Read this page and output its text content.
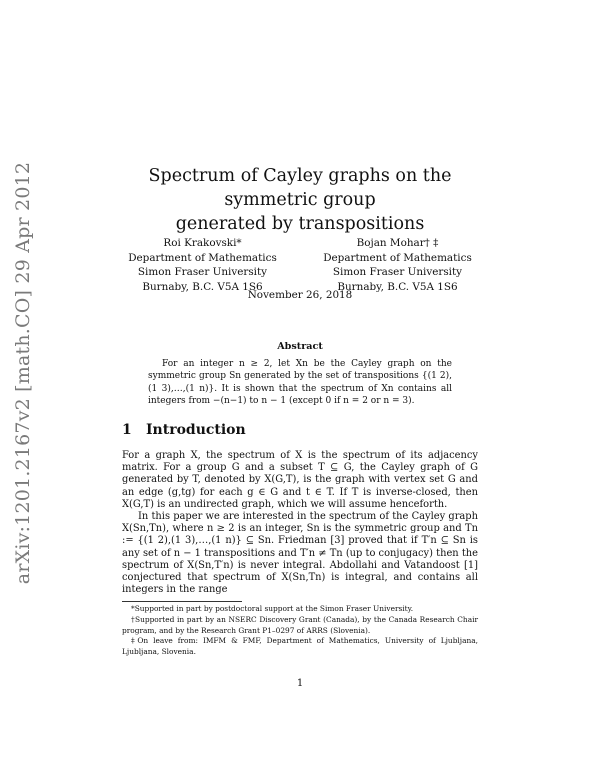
arXiv:1201.2167v2 [math.CO] 29 Apr 2012	Spectrum of Cayley graphs on the symmetric group
generated by transpositions
Roi Krakovski*
Department of Mathematics
Simon Fraser University
Burnaby, B.C. V5A 1S6
Bojan Mohar† ‡
Department of Mathematics
Simon Fraser University
Burnaby, B.C. V5A 1S6
November 26, 2018
Abstract
For an integer n ≥ 2, let Xn be the Cayley graph on the symmetric group Sn generated by the set of transpositions {(1 2),(1 3),…,(1 n)}. It is shown that the spectrum of Xn contains all integers from −(n−1) to n − 1 (except 0 if n = 2 or n = 3).
1 Introduction

For a graph X, the spectrum of X is the spectrum of its adjacency matrix. For a group G and a subset T ⊆ G, the Cayley graph of G generated by T, denoted by X(G,T), is the graph with vertex set G and an edge (g,tg) for each g ∈ G and t ∈ T. If T is inverse-closed, then X(G,T) is an undirected graph, which we will assume henceforth.

In this paper we are interested in the spectrum of the Cayley graph X(Sn,Tn), where n ≥ 2 is an integer, Sn is the symmetric group and Tn := {(1 2),(1 3),…,(1 n)} ⊆ Sn. Friedman [3] proved that if T′n ⊆ Sn is any set of n − 1 transpositions and T′n ≠ Tn (up to conjugacy) then the spectrum of X(Sn,T′n) is never integral. Abdollahi and Vatandoost [1] conjectured that spectrum of X(Sn,Tn) is integral, and contains all integers in the range

*Supported in part by postdoctoral support at the Simon Fraser University.

†Supported in part by an NSERC Discovery Grant (Canada), by the Canada Research Chair program, and by the Research Grant P1–0297 of ARRS (Slovenia).

‡On leave from: IMFM & FMF, Department of Mathematics, University of Ljubljana, Ljubljana, Slovenia.

1
